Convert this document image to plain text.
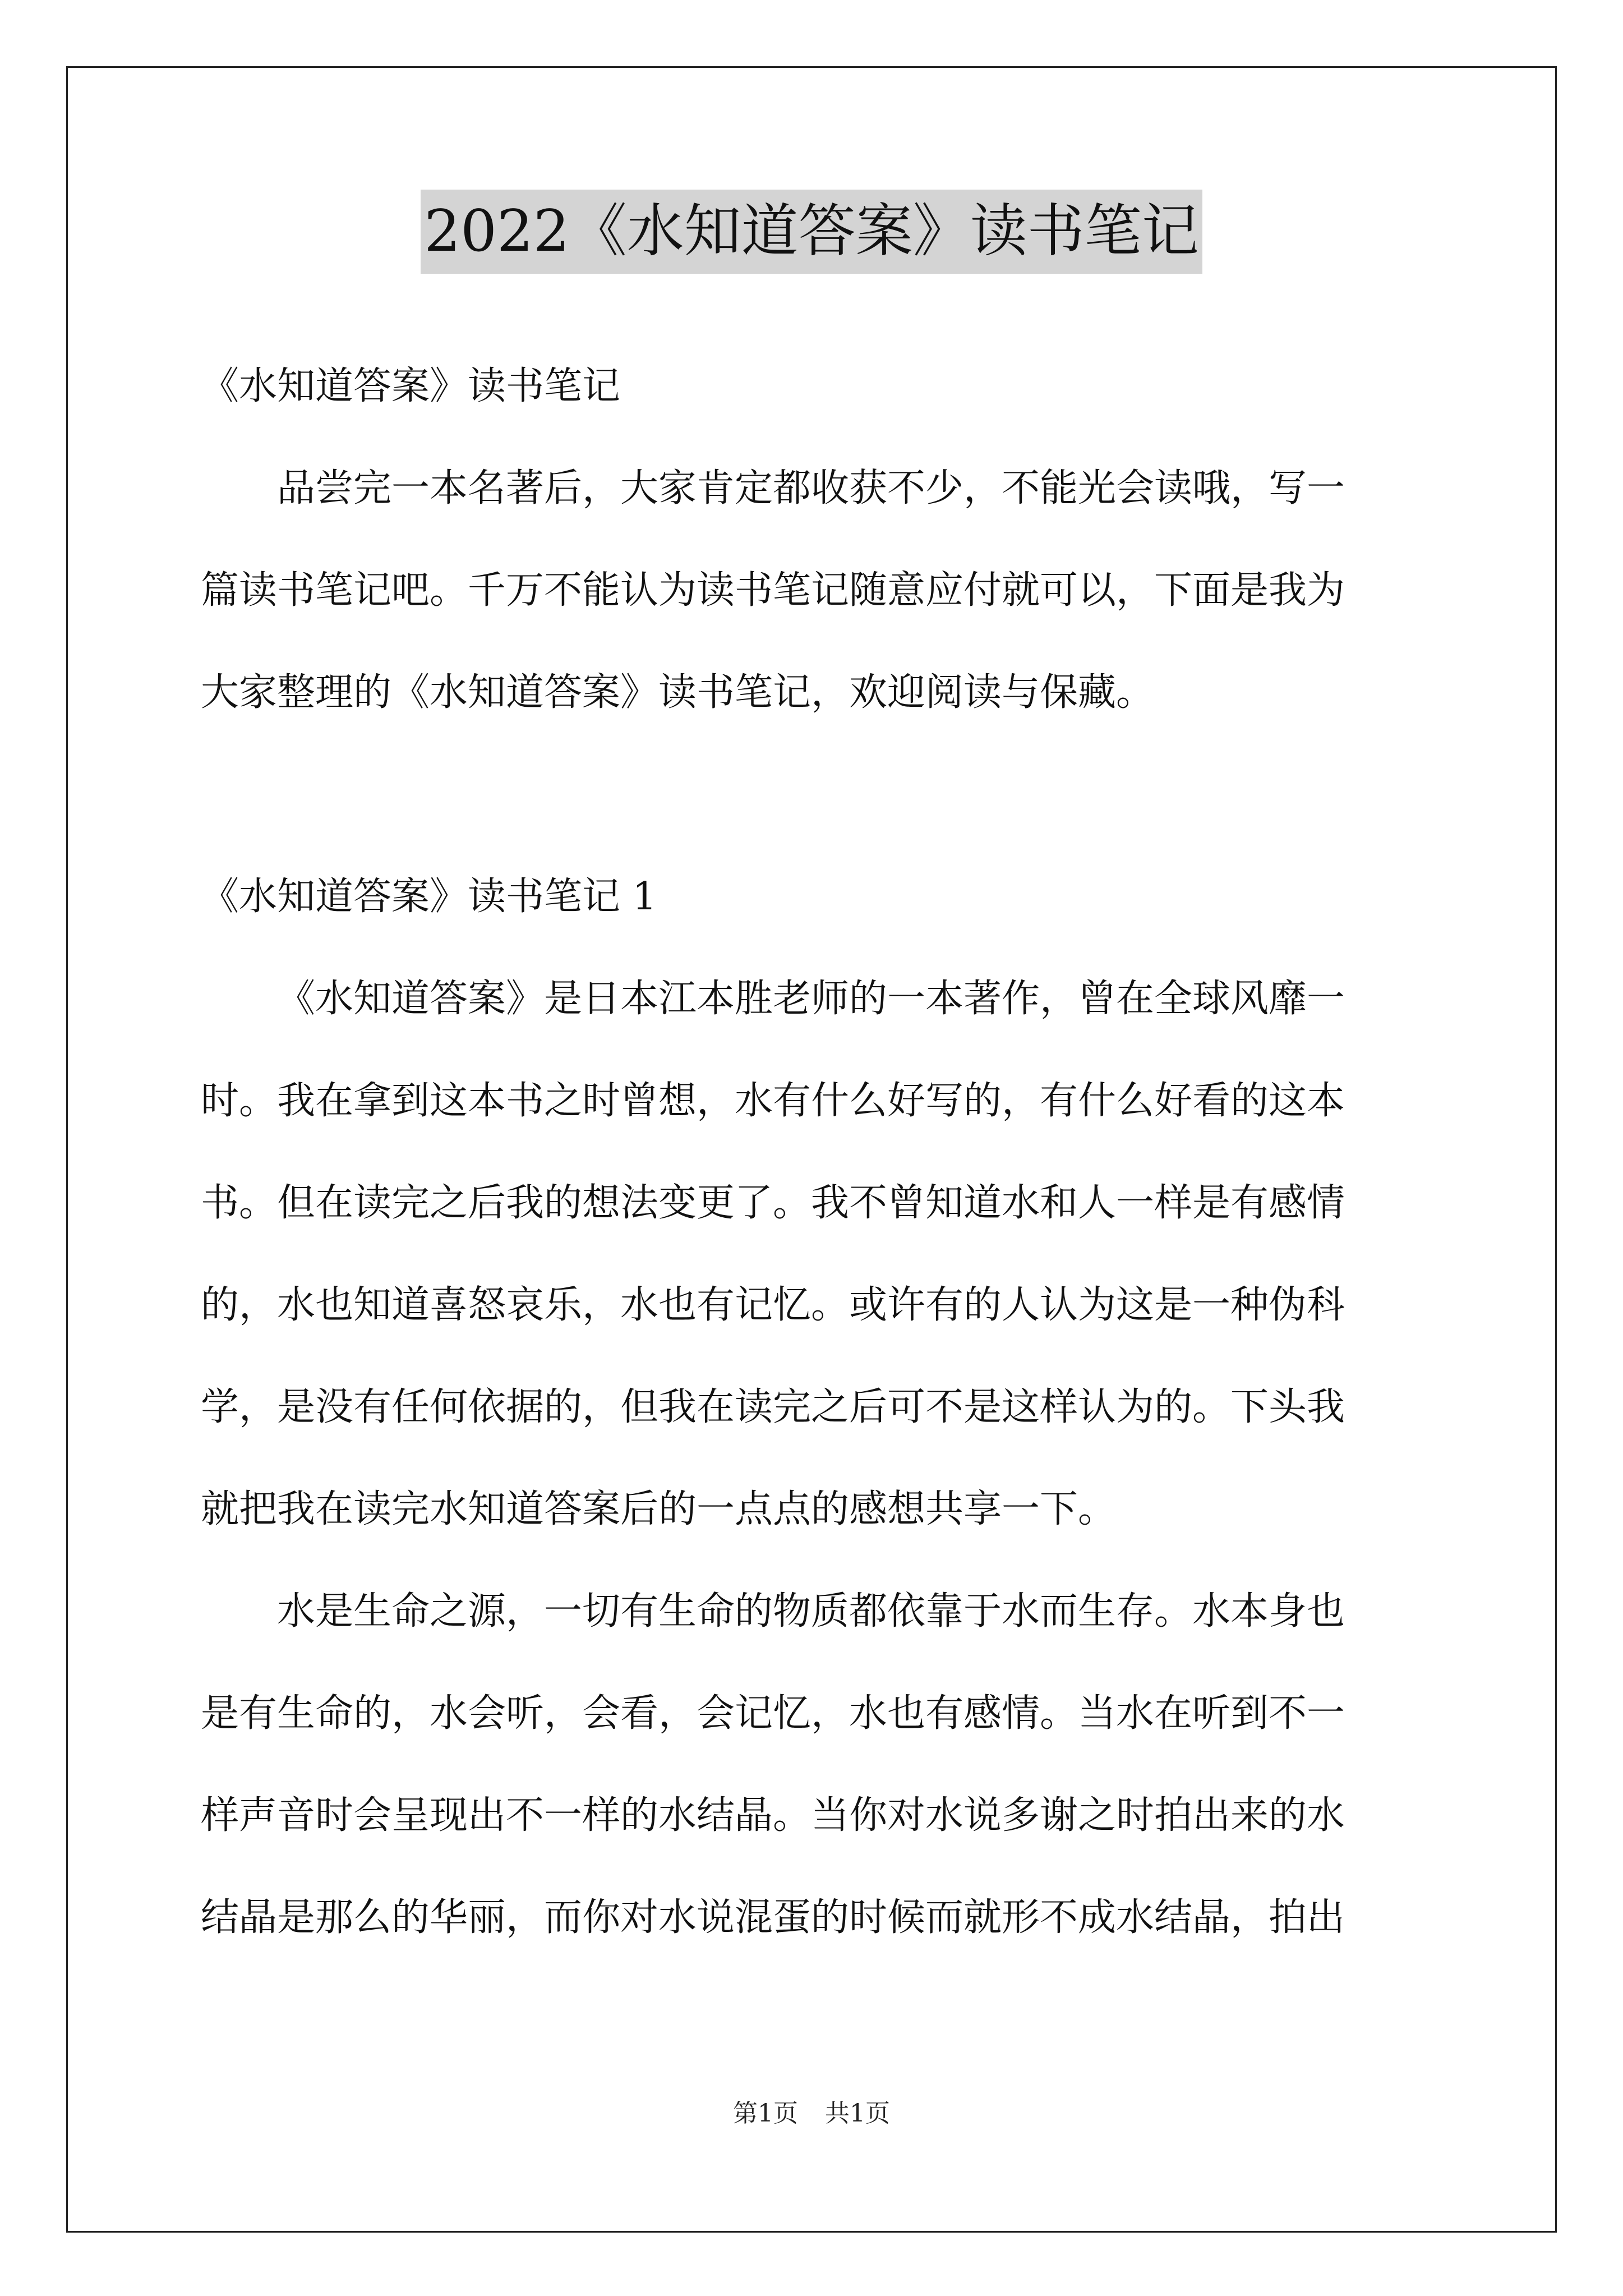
2022《水知道答案》读书笔记
《水知道答案》读书笔记
品尝完一本名著后，大家肯定都收获不少，不能光会读哦，写一
篇读书笔记吧。千万不能认为读书笔记随意应付就可以，下面是我为
大家整理的《水知道答案》读书笔记，欢迎阅读与保藏。
《水知道答案》读书笔记 1
《水知道答案》是日本江本胜老师的一本著作，曾在全球风靡一
时。我在拿到这本书之时曾想，水有什么好写的，有什么好看的这本
书。但在读完之后我的想法变更了。我不曾知道水和人一样是有感情
的，水也知道喜怒哀乐，水也有记忆。或许有的人认为这是一种伪科
学，是没有任何依据的，但我在读完之后可不是这样认为的。下头我
就把我在读完水知道答案后的一点点的感想共享一下。
水是生命之源，一切有生命的物质都依靠于水而生存。水本身也
是有生命的，水会听，会看，会记忆，水也有感情。当水在听到不一
样声音时会呈现出不一样的水结晶。当你对水说多谢之时拍出来的水
结晶是那么的华丽，而你对水说混蛋的时候而就形不成水结晶，拍出
第1页 共1页
